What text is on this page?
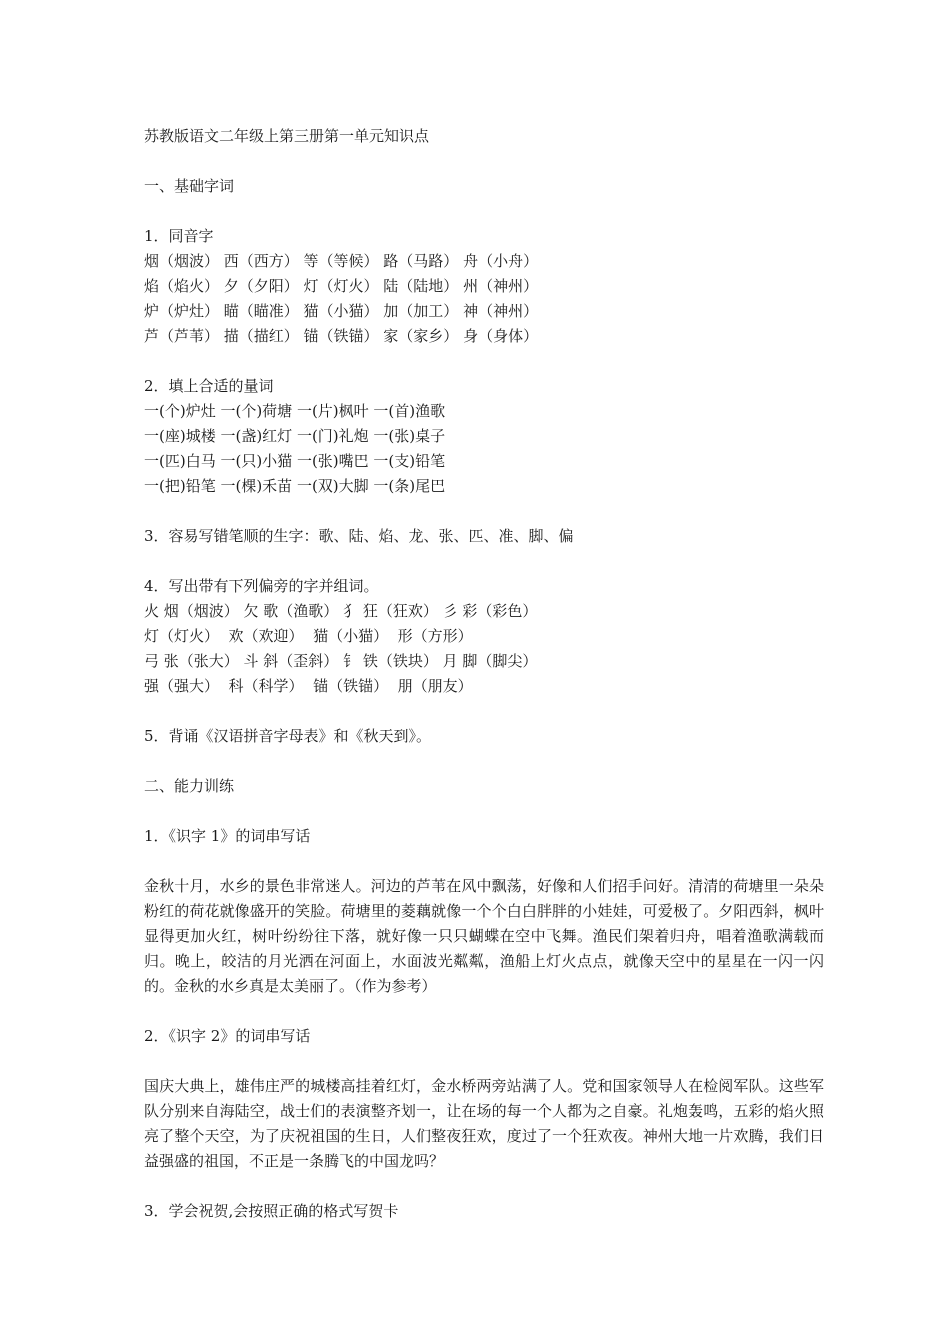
苏教版语文二年级上第三册第一单元知识点
一、基础字词
1．同音字
烟（烟波） 西（西方） 等（等候） 路（马路） 舟（小舟）
焰（焰火） 夕（夕阳） 灯（灯火） 陆（陆地） 州（神州）
炉（炉灶） 瞄（瞄准） 猫（小猫） 加（加工） 神（神州）
芦（芦苇） 描（描红） 锚（铁锚） 家（家乡） 身（身体）
2．填上合适的量词
一(个)炉灶 一(个)荷塘 一(片)枫叶 一(首)渔歌
一(座)城楼 一(盏)红灯 一(门)礼炮 一(张)桌子
一(匹)白马 一(只)小猫 一(张)嘴巴 一(支)铅笔
一(把)铅笔 一(棵)禾苗 一(双)大脚 一(条)尾巴
3．容易写错笔顺的生字：歌、陆、焰、龙、张、匹、准、脚、偏
4．写出带有下列偏旁的字并组词。
火 烟（烟波） 欠 歌（渔歌） 犭 狂（狂欢） 彡 彩（彩色）
灯（灯火）  欢（欢迎）  猫（小猫）  形（方形）
弓 张（张大） 斗 斜（歪斜） 钅 铁（铁块） 月 脚（脚尖）
强（强大）  科（科学）  锚（铁锚）  朋（朋友）
5．背诵《汉语拼音字母表》和《秋天到》。
二、能力训练
1．《识字 1》的词串写话
金秋十月，水乡的景色非常迷人。河边的芦苇在风中飘荡，好像和人们招手问好。清清的荷塘里一朵朵粉红的荷花就像盛开的笑脸。荷塘里的菱藕就像一个个白白胖胖的小娃娃，可爱极了。夕阳西斜，枫叶显得更加火红，树叶纷纷往下落，就好像一只只蝴蝶在空中飞舞。渔民们架着归舟，唱着渔歌满载而归。晚上，皎洁的月光洒在河面上，水面波光粼粼，渔船上灯火点点，就像天空中的星星在一闪一闪的。金秋的水乡真是太美丽了。（作为参考）
2．《识字 2》的词串写话
国庆大典上，雄伟庄严的城楼高挂着红灯，金水桥两旁站满了人。党和国家领导人在检阅军队。这些军队分别来自海陆空，战士们的表演整齐划一，让在场的每一个人都为之自豪。礼炮轰鸣，五彩的焰火照亮了整个天空，为了庆祝祖国的生日，人们整夜狂欢，度过了一个狂欢夜。神州大地一片欢腾，我们日益强盛的祖国，不正是一条腾飞的中国龙吗？
3．学会祝贺,会按照正确的格式写贺卡
